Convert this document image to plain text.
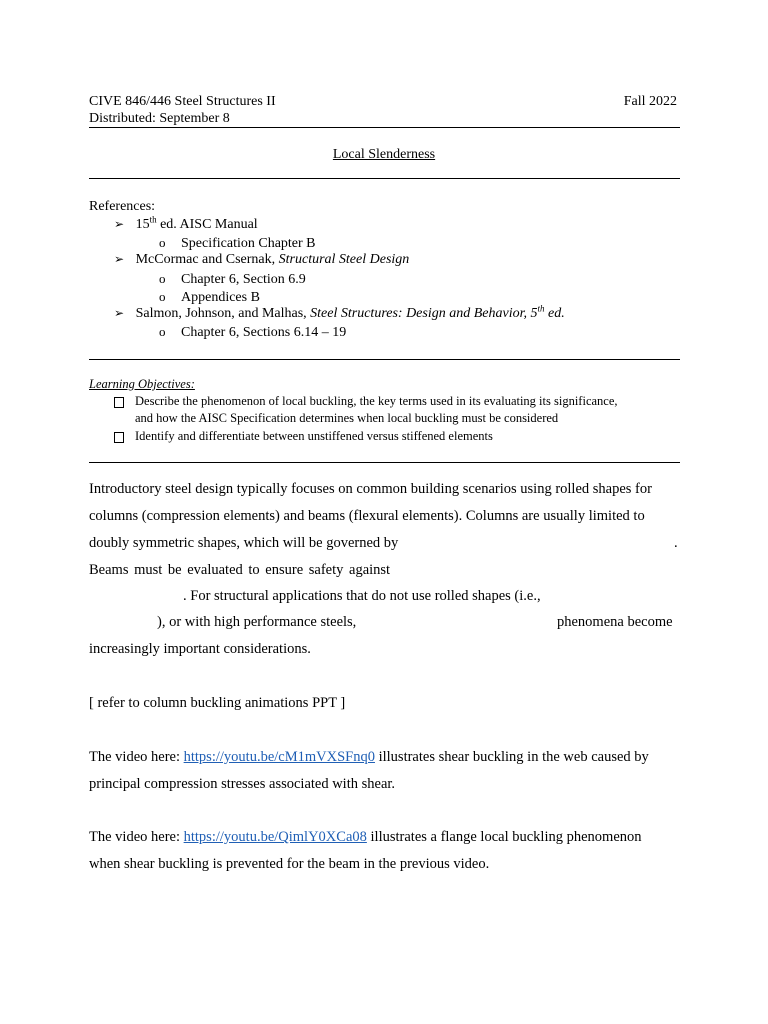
CIVE 846/446 Steel Structures II
Distributed: September 8
Fall 2022
Local Slenderness
References:
➢ 15th ed. AISC Manual
o Specification Chapter B
➢ McCormac and Csernak, Structural Steel Design
o Chapter 6, Section 6.9
o Appendices B
➢ Salmon, Johnson, and Malhas, Steel Structures: Design and Behavior, 5th ed.
o Chapter 6, Sections 6.14 – 19
Learning Objectives:
Describe the phenomenon of local buckling, the key terms used in its evaluating its significance,
and how the AISC Specification determines when local buckling must be considered
Identify and differentiate between unstiffened versus stiffened elements
Introductory steel design typically focuses on common building scenarios using rolled shapes for
columns (compression elements) and beams (flexural elements). Columns are usually limited to
doubly symmetric shapes, which will be governed by	.
Beams must be evaluated to ensure safety against
. For structural applications that do not use rolled shapes (i.e.,
), or with high performance steels,	phenomena become
increasingly important considerations.
[ refer to column buckling animations PPT ]
The video here: https://youtu.be/cM1mVXSFnq0 illustrates shear buckling in the web caused by
principal compression stresses associated with shear.
The video here: https://youtu.be/QimlY0XCa08 illustrates a flange local buckling phenomenon
when shear buckling is prevented for the beam in the previous video.
